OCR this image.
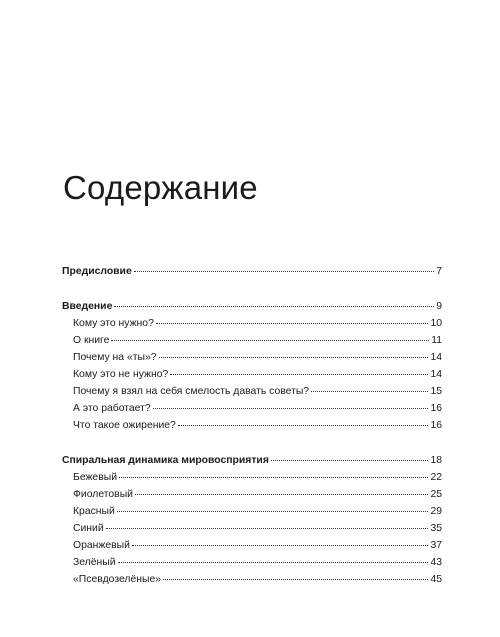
Содержание
Предисловие	7
Введение	9
Кому это нужно?	10
О книге	11
Почему на «ты»?	14
Кому это не нужно?	14
Почему я взял на себя смелость давать советы?	15
А это работает?	16
Что такое ожирение?	16
Спиральная динамика мировосприятия	18
Бежевый	22
Фиолетовый	25
Красный	29
Синий	35
Оранжевый	37
Зелёный	43
«Псевдозелёные»	45
